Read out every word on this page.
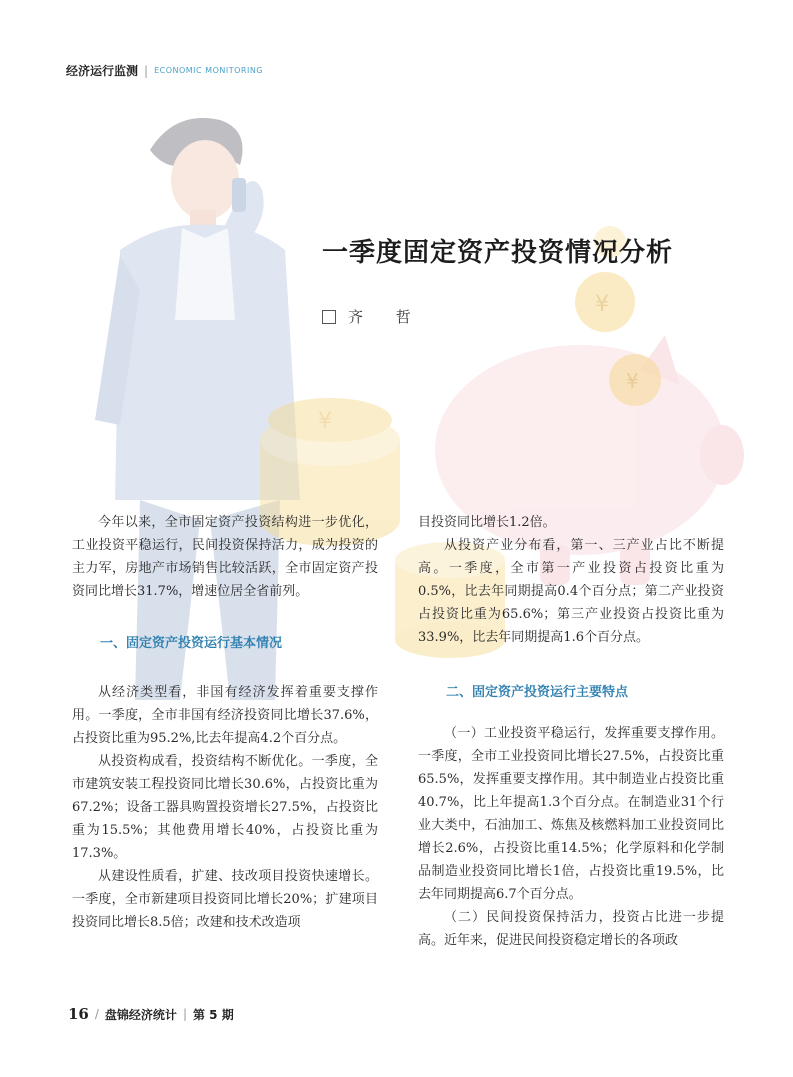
经济运行监测 | ECONOMIC MONITORING
¥
¥
¥
一季度固定资产投资情况分析
齐 哲

今年以来，全市固定资产投资结构进一步优化，工业投资平稳运行，民间投资保持活力，成为投资的主力军，房地产市场销售比较活跃，全市固定资产投资同比增长31.7%，增速位居全省前列。

一、固定资产投资运行基本情况

从经济类型看，非国有经济发挥着重要支撑作用。一季度，全市非国有经济投资同比增长37.6%，占投资比重为95.2%,比去年提高4.2个百分点。

从投资构成看，投资结构不断优化。一季度，全市建筑安装工程投资同比增长30.6%，占投资比重为67.2%；设备工器具购置投资增长27.5%，占投资比重为15.5%；其他费用增长40%，占投资比重为17.3%。

从建设性质看，扩建、技改项目投资快速增长。一季度，全市新建项目投资同比增长20%；扩建项目投资同比增长8.5倍；改建和技术改造项

目投资同比增长1.2倍。

从投资产业分布看，第一、三产业占比不断提高。一季度，全市第一产业投资占投资比重为0.5%，比去年同期提高0.4个百分点；第二产业投资占投资比重为65.6%；第三产业投资占投资比重为33.9%，比去年同期提高1.6个百分点。

二、固定资产投资运行主要特点

（一）工业投资平稳运行，发挥重要支撑作用。一季度，全市工业投资同比增长27.5%，占投资比重65.5%，发挥重要支撑作用。其中制造业占投资比重40.7%，比上年提高1.3个百分点。在制造业31个行业大类中，石油加工、炼焦及核燃料加工业投资同比增长2.6%，占投资比重14.5%；化学原料和化学制品制造业投资同比增长1倍，占投资比重19.5%，比去年同期提高6.7个百分点。

（二）民间投资保持活力，投资占比进一步提高。近年来，促进民间投资稳定增长的各项政

16 / 盘锦经济统计 | 第 5 期
